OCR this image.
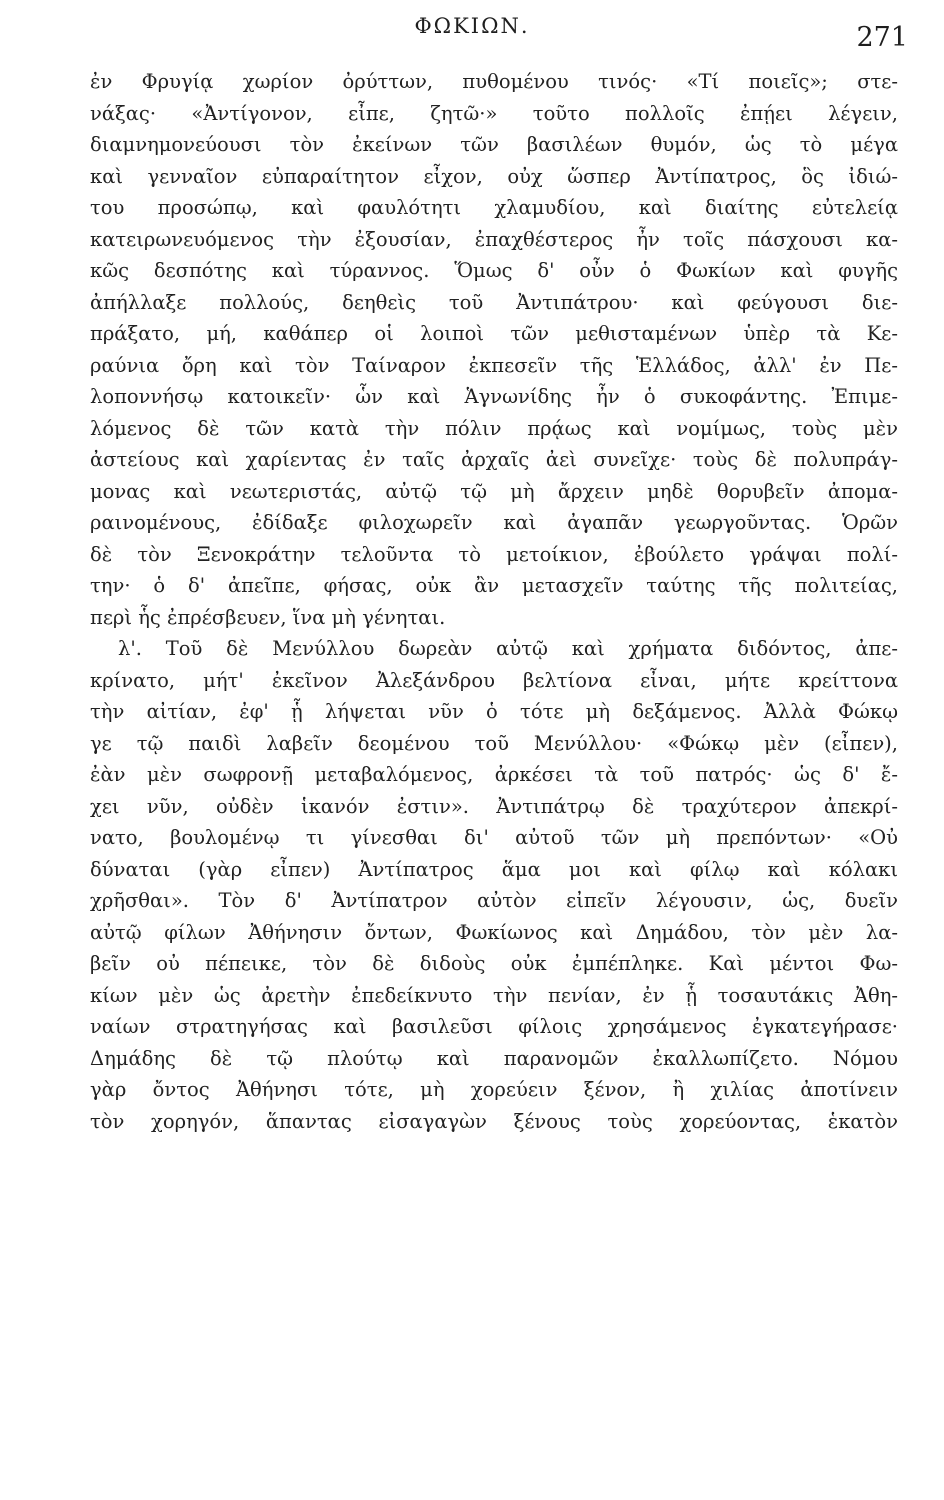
ΦΩΚΙΩΝ.	271
ἐν Φρυγίᾳ χωρίον ὀρύττων, πυθομένου τινός· «Τί ποιεῖς»; στε-
νάξας· «Ἀντίγονον, εἶπε, ζητῶ·» τοῦτο πολλοῖς ἐπῄει λέγειν,
διαμνημονεύουσι τὸν ἐκείνων τῶν βασιλέων θυμόν, ὡς τὸ μέγα
καὶ γενναῖον εὐπαραίτητον εἶχον, οὐχ ὥσπερ Ἀντίπατρος, ὃς ἰδιώ-
του προσώπῳ, καὶ φαυλότητι χλαμυδίου, καὶ διαίτης εὐτελείᾳ
κατειρωνευόμενος τὴν ἐξουσίαν, ἐπαχθέστερος ἦν τοῖς πάσχουσι κα-
κῶς δεσπότης καὶ τύραννος. Ὅμως δ' οὖν ὁ Φωκίων καὶ φυγῆς
ἀπήλλαξε πολλούς, δεηθεὶς τοῦ Ἀντιπάτρου· καὶ φεύγουσι διε-
πράξατο, μή, καθάπερ οἱ λοιποὶ τῶν μεθισταμένων ὑπὲρ τὰ Κε-
ραύνια ὄρη καὶ τὸν Ταίναρον ἐκπεσεῖν τῆς Ἑλλάδος, ἀλλ' ἐν Πε-
λοποννήσῳ κατοικεῖν· ὧν καὶ Ἁγνωνίδης ἦν ὁ συκοφάντης. Ἐπιμε-
λόμενος δὲ τῶν κατὰ τὴν πόλιν πρᾴως καὶ νομίμως, τοὺς μὲν
ἀστείους καὶ χαρίεντας ἐν ταῖς ἀρχαῖς ἀεὶ συνεῖχε· τοὺς δὲ πολυπράγ-
μονας καὶ νεωτεριστάς, αὐτῷ τῷ μὴ ἄρχειν μηδὲ θορυβεῖν ἀπομα-
ραινομένους, ἐδίδαξε φιλοχωρεῖν καὶ ἀγαπᾶν γεωργοῦντας. Ὁρῶν
δὲ τὸν Ξενοκράτην τελοῦντα τὸ μετοίκιον, ἐβούλετο γράψαι πολί-
την· ὁ δ' ἀπεῖπε, φήσας, οὐκ ἂν μετασχεῖν ταύτης τῆς πολιτείας,
περὶ ἧς ἐπρέσβευεν, ἵνα μὴ γένηται.
λ'. Τοῦ δὲ Μενύλλου δωρεὰν αὐτῷ καὶ χρήματα διδόντος, ἀπε-
κρίνατο, μήτ' ἐκεῖνον Ἀλεξάνδρου βελτίονα εἶναι, μήτε κρείττονα
τὴν αἰτίαν, ἐφ' ᾗ λήψεται νῦν ὁ τότε μὴ δεξάμενος. Ἀλλὰ Φώκῳ
γε τῷ παιδὶ λαβεῖν δεομένου τοῦ Μενύλλου· «Φώκῳ μὲν (εἶπεν),
ἐὰν μὲν σωφρονῇ μεταβαλόμενος, ἀρκέσει τὰ τοῦ πατρός· ὡς δ' ἔ-
χει νῦν, οὐδὲν ἱκανόν ἐστιν». Ἀντιπάτρῳ δὲ τραχύτερον ἀπεκρί-
νατο, βουλομένῳ τι γίνεσθαι δι' αὐτοῦ τῶν μὴ πρεπόντων· «Οὐ
δύναται (γὰρ εἶπεν) Ἀντίπατρος ἅμα μοι καὶ φίλῳ καὶ κόλακι
χρῆσθαι». Τὸν δ' Ἀντίπατρον αὐτὸν εἰπεῖν λέγουσιν, ὡς, δυεῖν
αὐτῷ φίλων Ἀθήνησιν ὄντων, Φωκίωνος καὶ Δημάδου, τὸν μὲν λα-
βεῖν οὐ πέπεικε, τὸν δὲ διδοὺς οὐκ ἐμπέπληκε. Καὶ μέντοι Φω-
κίων μὲν ὡς ἀρετὴν ἐπεδείκνυτο τὴν πενίαν, ἐν ᾗ τοσαυτάκις Ἀθη-
ναίων στρατηγήσας καὶ βασιλεῦσι φίλοις χρησάμενος ἐγκατεγήρασε·
Δημάδης δὲ τῷ πλούτῳ καὶ παρανομῶν ἐκαλλωπίζετο. Νόμου
γὰρ ὄντος Ἀθήνησι τότε, μὴ χορεύειν ξένον, ἢ χιλίας ἀποτίνειν
τὸν χορηγόν, ἅπαντας εἰσαγαγὼν ξένους τοὺς χορεύοντας, ἑκατὸν
